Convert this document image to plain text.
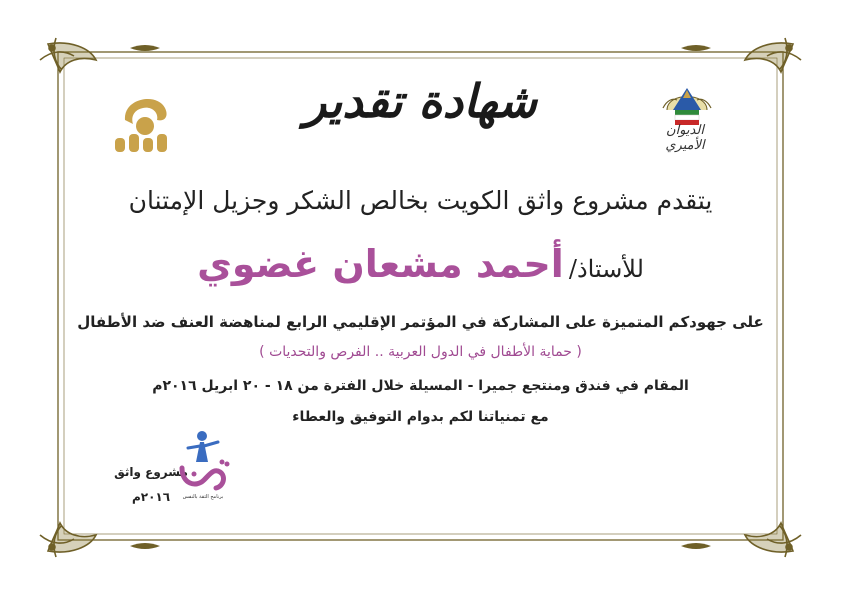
الديوان الأميري
شهادة تقدير
يتقدم مشروع واثق الكويت بخالص الشكر وجزيل الإمتنان
للأستاذ/ أحمد مشعان غضوي
على جهودكم المتميزة على المشاركة في المؤتمر الإقليمي الرابع لمناهضة العنف ضد الأطفال
( حماية الأطفال في الدول العربية .. الفرص والتحديات )
المقام في فندق ومنتجع جميرا - المسيلة خلال الفترة من ١٨ - ٢٠ ابريل ٢٠١٦م
مع تمنياتنا لكم بدوام التوفيق والعطاء
مشروع واثق
٢٠١٦م	برنامج الثقة بالنفس
